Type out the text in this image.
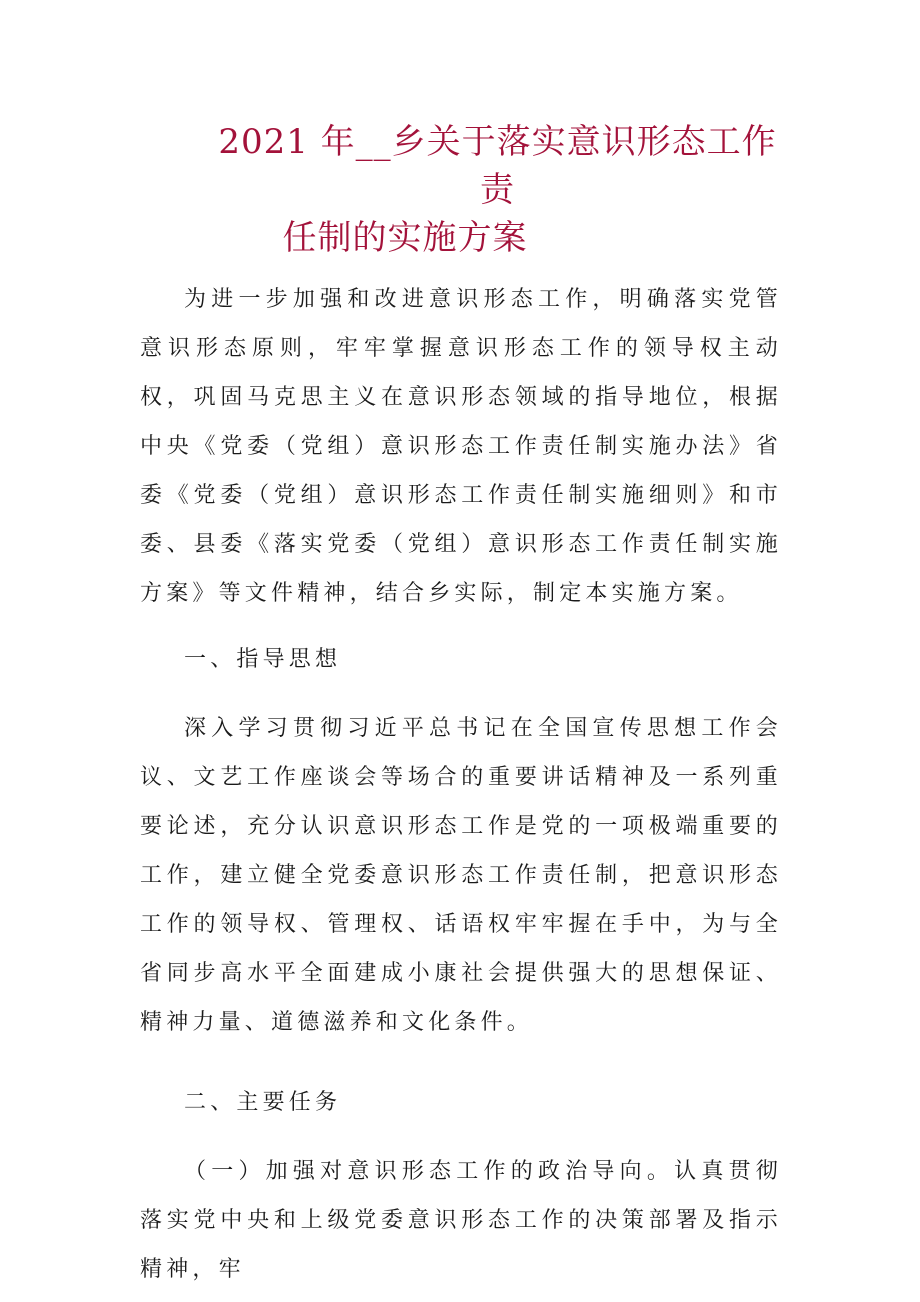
2021 年__乡关于落实意识形态工作责
任制的实施方案

为进一步加强和改进意识形态工作，明确落实党管意识形态原则，牢牢掌握意识形态工作的领导权主动权，巩固马克思主义在意识形态领域的指导地位，根据中央《党委（党组）意识形态工作责任制实施办法》省委《党委（党组）意识形态工作责任制实施细则》和市委、县委《落实党委（党组）意识形态工作责任制实施方案》等文件精神，结合乡实际，制定本实施方案。

一、指导思想

深入学习贯彻习近平总书记在全国宣传思想工作会议、文艺工作座谈会等场合的重要讲话精神及一系列重要论述，充分认识意识形态工作是党的一项极端重要的工作，建立健全党委意识形态工作责任制，把意识形态工作的领导权、管理权、话语权牢牢握在手中，为与全省同步高水平全面建成小康社会提供强大的思想保证、精神力量、道德滋养和文化条件。

二、主要任务

（一）加强对意识形态工作的政治导向。认真贯彻落实党中央和上级党委意识形态工作的决策部署及指示精神，牢
